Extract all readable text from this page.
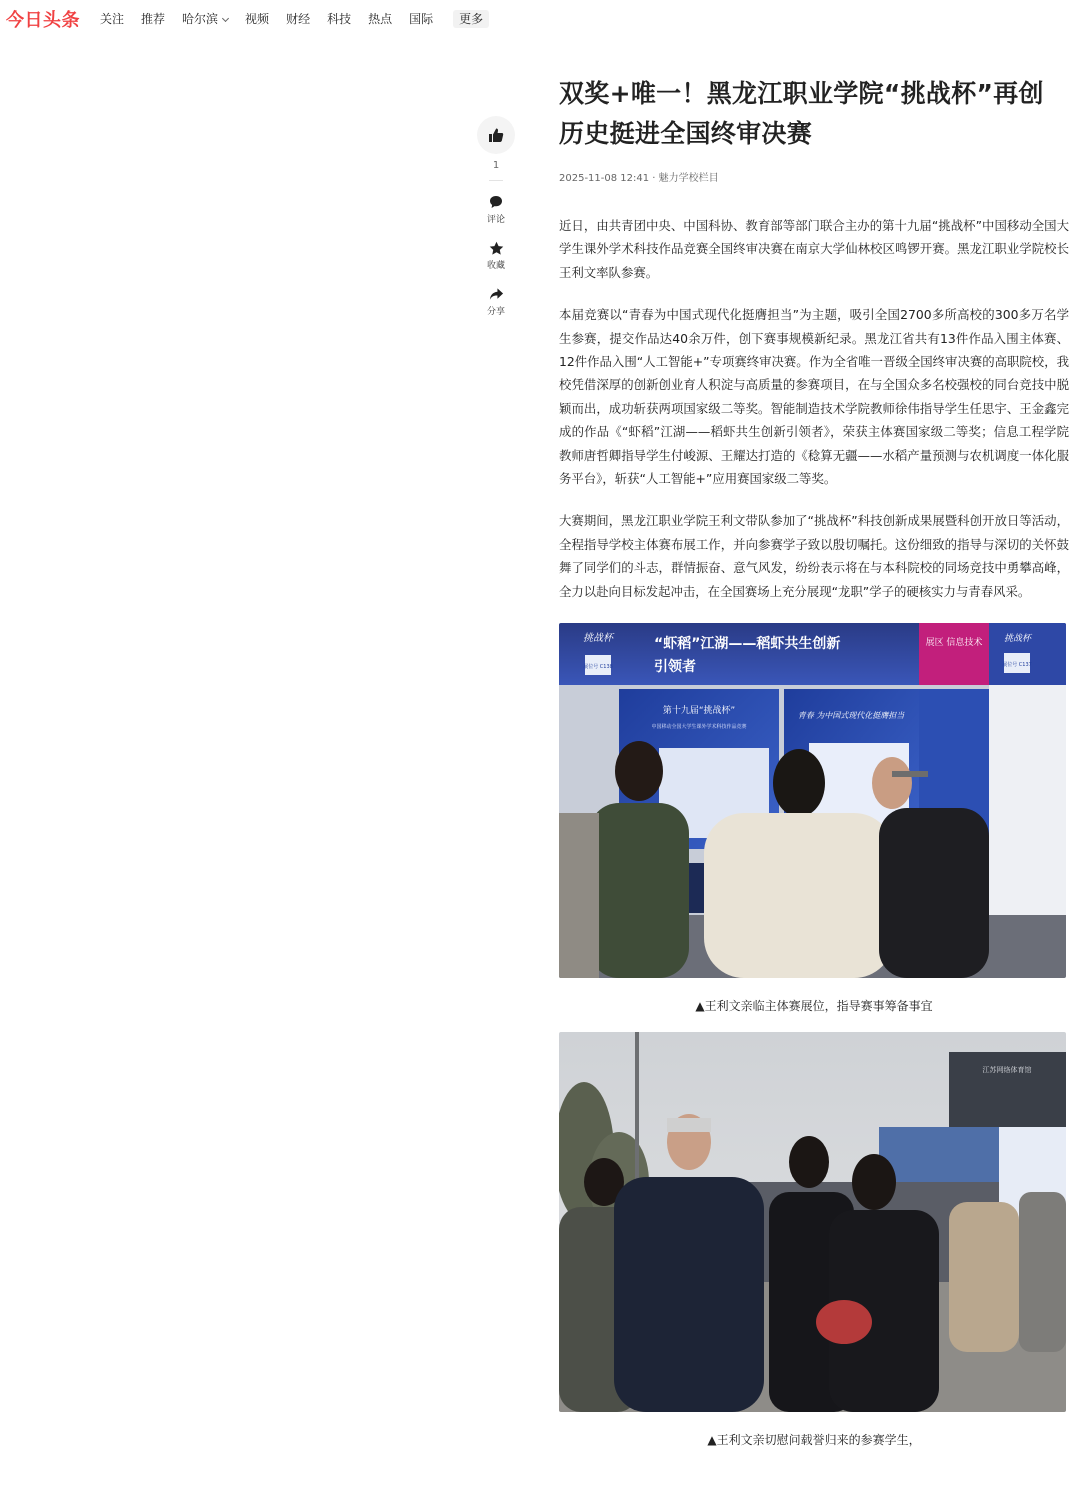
今日头条 关注 推荐 哈尔滨	视频 财经 科技 热点 国际	更多
1
评论
收藏
分享
双奖+唯一！黑龙江职业学院“挑战杯”再创历史挺进全国终审决赛
2025-11-08 12:41 · 魅力学校栏目

近日，由共青团中央、中国科协、教育部等部门联合主办的第十九届“挑战杯”中国移动全国大学生课外学术科技作品竞赛全国终审决赛在南京大学仙林校区鸣锣开赛。黑龙江职业学院校长王利文率队参赛。

本届竞赛以“青春为中国式现代化挺膺担当”为主题，吸引全国2700多所高校的300多万名学生参赛，提交作品达40余万件，创下赛事规模新纪录。黑龙江省共有13件作品入围主体赛、12件作品入围“人工智能+”专项赛终审决赛。作为全省唯一晋级全国终审决赛的高职院校，我校凭借深厚的创新创业育人积淀与高质量的参赛项目，在与全国众多名校强校的同台竞技中脱颖而出，成功斩获两项国家级二等奖。智能制造技术学院教师徐伟指导学生任思宇、王金鑫完成的作品《“虾稻”江湖——稻虾共生创新引领者》，荣获主体赛国家级二等奖；信息工程学院教师唐哲卿指导学生付峻源、王耀达打造的《稔算无疆——水稻产量预测与农机调度一体化服务平台》，斩获“人工智能+”应用赛国家级二等奖。

大赛期间，黑龙江职业学院王利文带队参加了“挑战杯”科技创新成果展暨科创开放日等活动，全程指导学校主体赛布展工作，并向参赛学子致以殷切嘱托。这份细致的指导与深切的关怀鼓舞了同学们的斗志，群情振奋、意气风发，纷纷表示将在与本科院校的同场竞技中勇攀高峰，全力以赴向目标发起冲击，在全国赛场上充分展现“龙职”学子的硬核实力与青春风采。

展区 信息技术
“虾稻”江湖——稻虾共生创新
引领者
挑战杯
展位号 C138
挑战杯
展位号 C137
第十九届“挑战杯”
中国移动全国大学生课外学术科技作品竞赛
青春 为中国式现代化挺膺担当
▲王利文亲临主体赛展位，指导赛事筹备事宜
江苏网络体育馆
▲王利文亲切慰问载誉归来的参赛学生，
